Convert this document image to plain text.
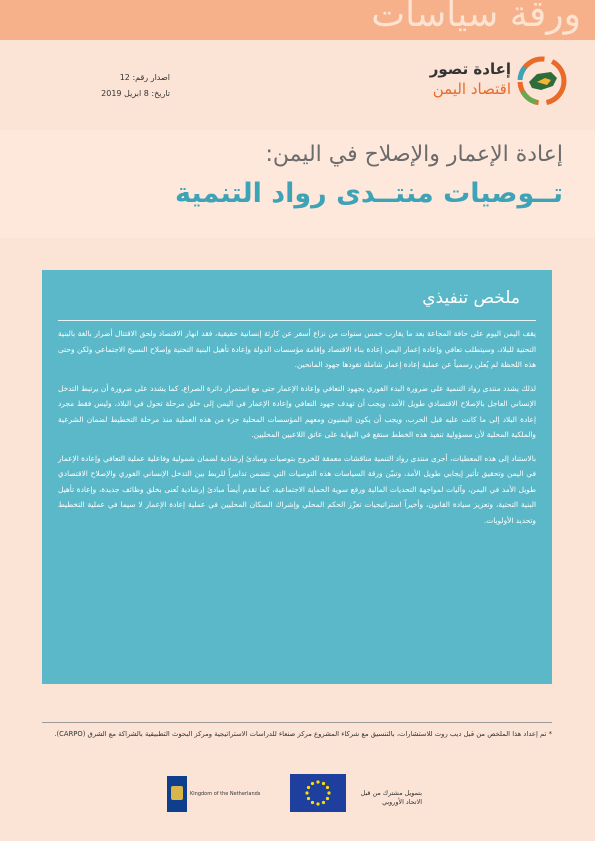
ورقة سياسات
إعادة تصور
اقتصاد اليمن
اصدار رقم: 12
تاريخ: 8 ابريل 2019
إعادة الإعمار والإصلاح في اليمن:
تــوصيات منتــدى رواد التنمية
ملخص تنفيذي

يقف اليمن اليوم على حافة المجاعة بعد ما يقارب خمس سنوات من نزاع أسفر عن كارثة إنسانية حقيقية، فقد انهار الاقتصاد ولحق الاقتتال أضرار بالغة بالبنية التحتية للبلاد، وسيتطلب تعافي وإعادة إعمار اليمن إعادة بناء الاقتصاد وإقامة مؤسسات الدولة وإعادة تأهيل البنية التحتية وإصلاح النسيج الاجتماعي ولكن وحتى هذه اللحظة لم يُعلن رسمياً عن عملية إعادة إعمار شاملة تقودها جهود المانحين.

لذلك يشدد منتدى رواد التنمية على ضرورة البدء الفوري بجهود التعافي وإعادة الإعمار حتى مع استمرار دائرة الصراع، كما يشدد على ضرورة أن يرتبط التدخل الإنساني العاجل بالإصلاح الاقتصادي طويل الأمد، ويجب أن تهدف جهود التعافي وإعادة الإعمار في اليمن إلى خلق مرحلة تحول في البلاد، وليس فقط مجرد إعادة البلاد إلى ما كانت عليه قبل الحرب، ويجب أن يكون اليمنيون ومعهم المؤسسات المحلية جزء من هذه العملية منذ مرحلة التخطيط لضمان الشرعية والملكية المحلية لأن مسؤولية تنفيذ هذه الخطط ستقع في النهاية على عاتق اللاعبين المحليين.

بالاستناد إلى هذه المعطيات، أجرى منتدى رواد التنمية مناقشات معمقة للخروج بتوصيات ومبادئ إرشادية لضمان شمولية وفاعلية عملية التعافي وإعادة الإعمار في اليمن وتحقيق تأثير إيجابي طويل الأمد، وتبيّن ورقة السياسات هذه التوصيات التي تتضمن تدابيراً للربط بين التدخل الإنساني الفوري والإصلاح الاقتصادي طويل الأمد في اليمن، وآليات لمواجهة التحديات المالية ورفع سوية الحماية الاجتماعية، كما تقدم أيضاً مبادئ إرشادية تُعنى بخلق وظائف جديدة، وإعادة تأهيل البنية التحتية، وتعزيز سيادة القانون، وأخيراً استراتيجيات تعزّز الحكم المحلي وإشراك السكان المحليين في عملية إعادة الإعمار لا سيما في عملية التخطيط وتحديد الأولويات.

* تم إعداد هذا الملخص من قبل ديب روت للاستشارات، بالتنسيق مع شركاء المشروع مركز صنعاء للدراسات الاستراتيجية ومركز البحوث التطبيقية بالشراكة مع الشرق (CARPO).
Kingdom of the Netherlands	بتمويل مشترك من قبل الاتحاد الأوروبي
